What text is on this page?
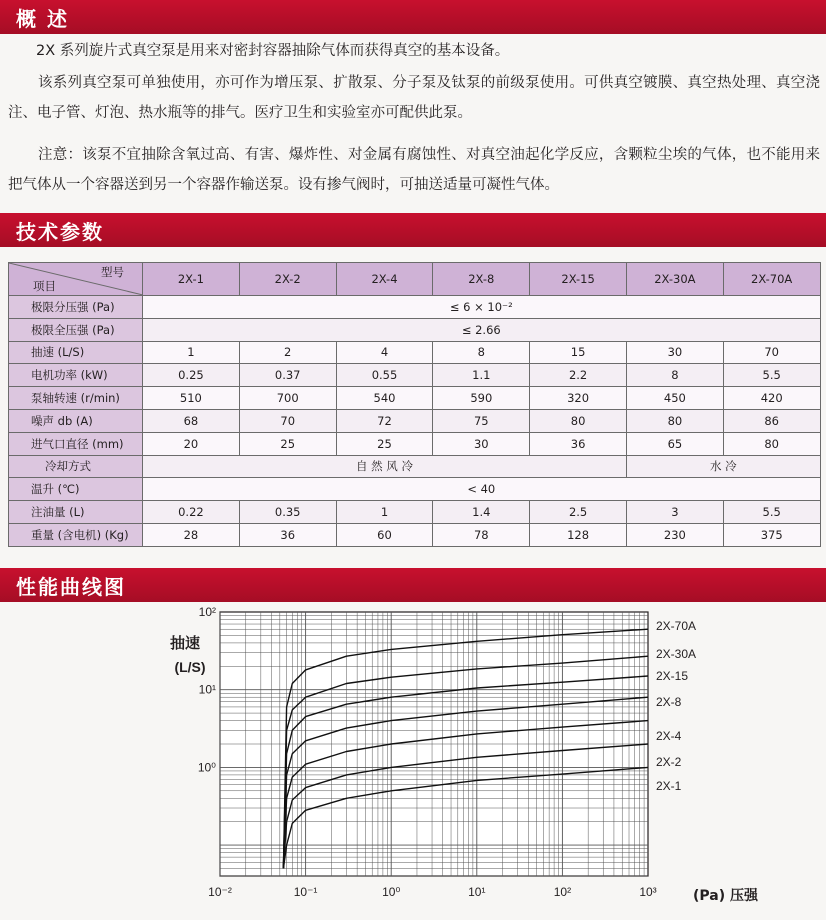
概 述
2X 系列旋片式真空泵是用来对密封容器抽除气体而获得真空的基本设备。
该系列真空泵可单独使用，亦可作为增压泵、扩散泵、分子泵及钛泵的前级泵使用。可供真空镀膜、真空热处理、真空浇注、电子管、灯泡、热水瓶等的排气。医疗卫生和实验室亦可配供此泵。
注意：该泵不宜抽除含氧过高、有害、爆炸性、对金属有腐蚀性、对真空油起化学反应，含颗粒尘埃的气体，也不能用来把气体从一个容器送到另一个容器作输送泵。设有掺气阀时，可抽送适量可凝性气体。
技术参数
型号
项目	2X-1	2X-2	2X-4	2X-8	2X-15	2X-30A	2X-70A
极限分压强 (Pa)	≤ 6 × 10⁻²						
极限全压强 (Pa)	≤ 2.66						
抽速 (L/S)	1	2	4	8	15	30	70
电机功率 (kW)	0.25	0.37	0.55	1.1	2.2	8	5.5
泵轴转速 (r/min)	510	700	540	590	320	450	420
噪声 db (A)	68	70	72	75	80	80	86
进气口直径 (mm)	20	25	25	30	36	65	80
冷却方式	自 然 风 冷					水 冷	
温升 (℃)	< 40						
注油量 (L)	0.22	0.35	1	1.4	2.5	3	5.5
重量 (含电机) (Kg)	28	36	60	78	128	230	375
性能曲线图
10⁻²	10⁻¹	10⁰	10¹	10²	10³
10²
10¹
10⁰
抽速
(L/S)
(Pa) 压强
2X-70A
2X-30A
2X-15
2X-8
2X-4
2X-2
2X-1
